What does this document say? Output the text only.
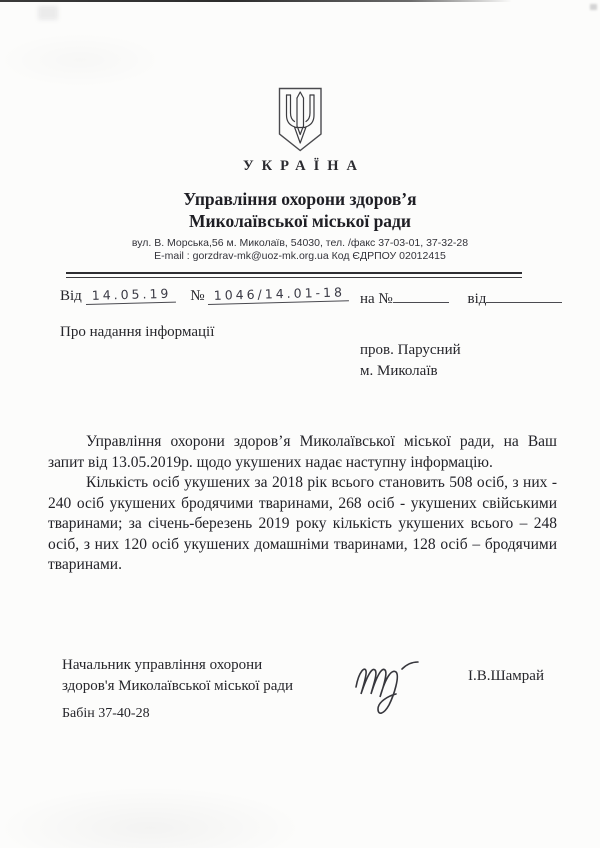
УКРАЇНА
Управління охорони здоров’я
Миколаївської міської ради
вул. В. Морська,56 м. Миколаїв, 54030, тел. /факс 37-03-01, 37-32-28
E-mail : gorzdrav-mk@uoz-mk.org.ua Код ЄДРПОУ 02012415
Від 14.05.19 № 1046/14.01-18 на №	від
Про надання інформації
пров. Парусний
м. Миколаїв

Управління охорони здоров’я Миколаївської міської ради, на Ваш запит від 13.05.2019р. щодо укушених надає наступну інформацію.

Кількість осіб укушених за 2018 рік всього становить 508 осіб, з них - 240 осіб укушених бродячими тваринами, 268 осіб - укушених свійськими тваринами; за січень-березень 2019 року кількість укушених всього – 248 осіб, з них 120 осіб укушених домашніми тваринами, 128 осіб – бродячими тваринами.

Начальник управління охорони
здоров'я Миколаївської міської ради
І.В.Шамрай
Бабін 37-40-28
